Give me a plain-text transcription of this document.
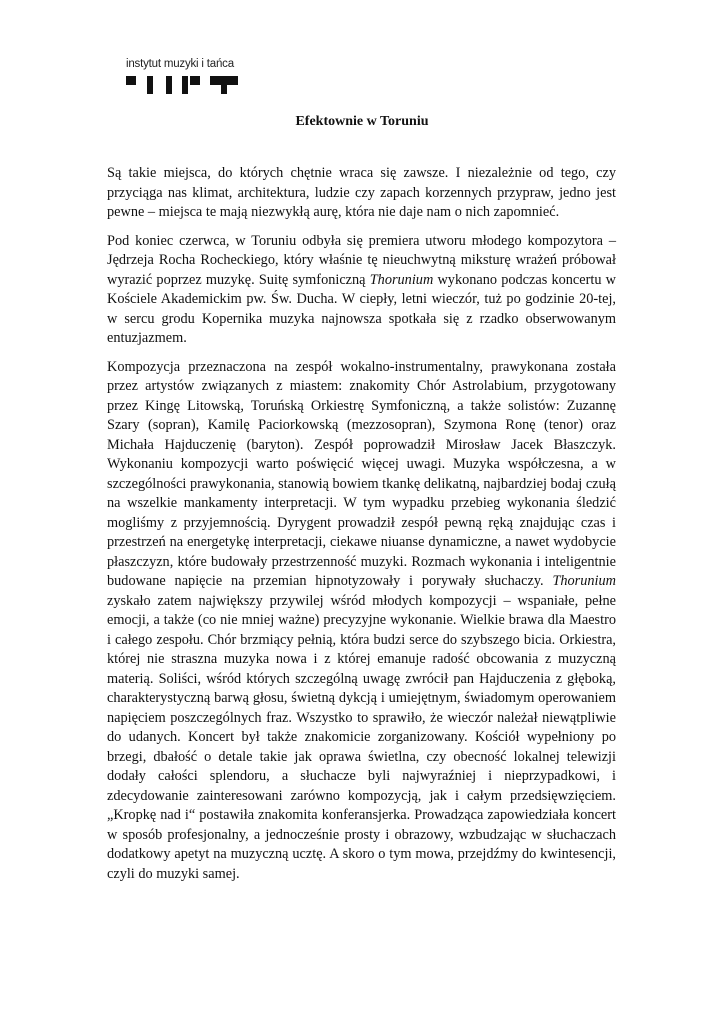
instytut muzyki i tańca
Efektownie w Toruniu

Są takie miejsca, do których chętnie wraca się zawsze. I niezależnie od tego, czy przyciąga nas klimat, architektura, ludzie czy zapach korzennych przypraw, jedno jest pewne – miejsca te mają niezwykłą aurę, która nie daje nam o nich zapomnieć.

Pod koniec czerwca, w Toruniu odbyła się premiera utworu młodego kompozytora – Jędrzeja Rocha Rocheckiego, który właśnie tę nieuchwytną miksturę wrażeń próbował wyrazić poprzez muzykę. Suitę symfoniczną Thorunium wykonano podczas koncertu w Kościele Akademickim pw. Św. Ducha. W ciepły, letni wieczór, tuż po godzinie 20-tej, w sercu grodu Kopernika muzyka najnowsza spotkała się z rzadko obserwowanym entuzjazmem.

Kompozycja przeznaczona na zespół wokalno-instrumentalny, prawykonana została przez artystów związanych z miastem: znakomity Chór Astrolabium, przygotowany przez Kingę Litowską, Toruńską Orkiestrę Symfoniczną, a także solistów: Zuzannę Szary (sopran), Kamilę Paciorkowską (mezzosopran), Szymona Ronę (tenor) oraz Michała Hajduczenię (baryton). Zespół poprowadził Mirosław Jacek Błaszczyk. Wykonaniu kompozycji warto poświęcić więcej uwagi. Muzyka współczesna, a w szczególności prawykonania, stanowią bowiem tkankę delikatną, najbardziej bodaj czułą na wszelkie mankamenty interpretacji. W tym wypadku przebieg wykonania śledzić mogliśmy z przyjemnością. Dyrygent prowadził zespół pewną ręką znajdując czas i przestrzeń na energetykę interpretacji, ciekawe niuanse dynamiczne, a nawet wydobycie płaszczyzn, które budowały przestrzenność muzyki. Rozmach wykonania i inteligentnie budowane napięcie na przemian hipnotyzowały i porywały słuchaczy. Thorunium zyskało zatem największy przywilej wśród młodych kompozycji – wspaniałe, pełne emocji, a także (co nie mniej ważne) precyzyjne wykonanie. Wielkie brawa dla Maestro i całego zespołu. Chór brzmiący pełnią, która budzi serce do szybszego bicia. Orkiestra, której nie straszna muzyka nowa i z której emanuje radość obcowania z muzyczną materią. Soliści, wśród których szczególną uwagę zwrócił pan Hajduczenia z głęboką, charakterystyczną barwą głosu, świetną dykcją i umiejętnym, świadomym operowaniem napięciem poszczególnych fraz. Wszystko to sprawiło, że wieczór należał niewątpliwie do udanych. Koncert był także znakomicie zorganizowany. Kościół wypełniony po brzegi, dbałość o detale takie jak oprawa świetlna, czy obecność lokalnej telewizji dodały całości splendoru, a słuchacze byli najwyraźniej i nieprzypadkowi, i zdecydowanie zainteresowani zarówno kompozycją, jak i całym przedsięwzięciem. „Kropkę nad i“ postawiła znakomita konferansjerka. Prowadząca zapowiedziała koncert w sposób profesjonalny, a jednocześnie prosty i obrazowy, wzbudzając w słuchaczach dodatkowy apetyt na muzyczną ucztę. A skoro o tym mowa, przejdźmy do kwintesencji, czyli do muzyki samej.
